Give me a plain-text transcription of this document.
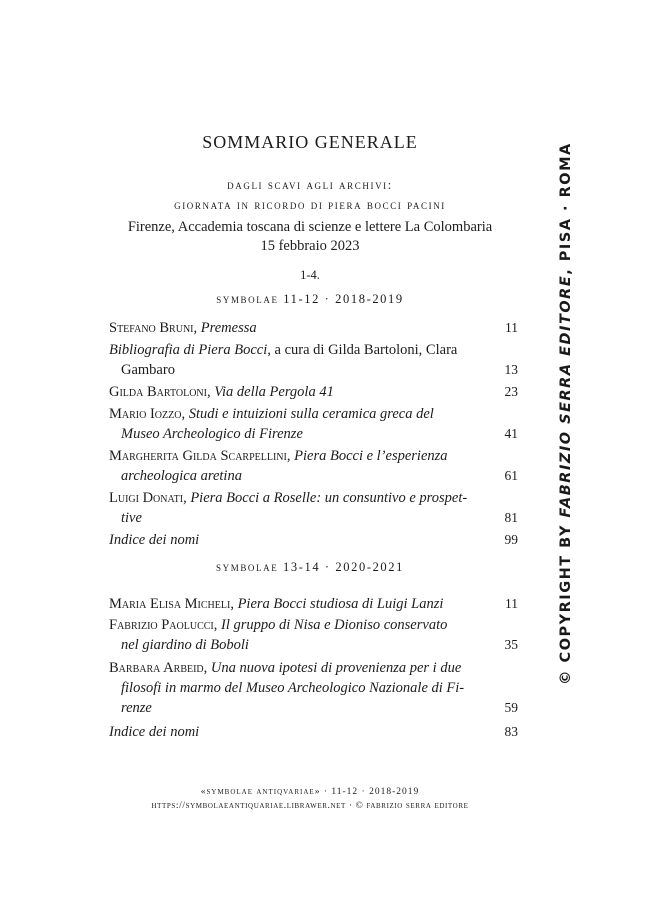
SOMMARIO GENERALE
dagli scavi agli archivi:
giornata in ricordo di piera bocci pacini
Firenze, Accademia toscana di scienze e lettere La Colombaria
15 febbraio 2023
1-4.
symbolae 11-12 · 2018-2019
Stefano Bruni, Premessa	11
Bibliografia di Piera Bocci, a cura di Gilda Bartoloni, Clara
Gambaro	13
Gilda Bartoloni, Via della Pergola 41	23
Mario Iozzo, Studi e intuizioni sulla ceramica greca del
Museo Archeologico di Firenze	41
Margherita Gilda Scarpellini, Piera Bocci e l’esperienza
archeologica aretina	61
Luigi Donati, Piera Bocci a Roselle: un consuntivo e prospet-
tive	81
Indice dei nomi	99
symbolae 13-14 · 2020-2021
Maria Elisa Micheli, Piera Bocci studiosa di Luigi Lanzi	11
Fabrizio Paolucci, Il gruppo di Nisa e Dioniso conservato
nel giardino di Boboli	35
Barbara Arbeid, Una nuova ipotesi di provenienza per i due
filosofi in marmo del Museo Archeologico Nazionale di Fi-
renze	59
Indice dei nomi	83
«symbolae antiqvariae» · 11-12 · 2018-2019
https://symbolaeantiquariae.librawer.net · © fabrizio serra editore
© COPYRIGHT BY FABRIZIO SERRA EDITORE, PISA · ROMA
